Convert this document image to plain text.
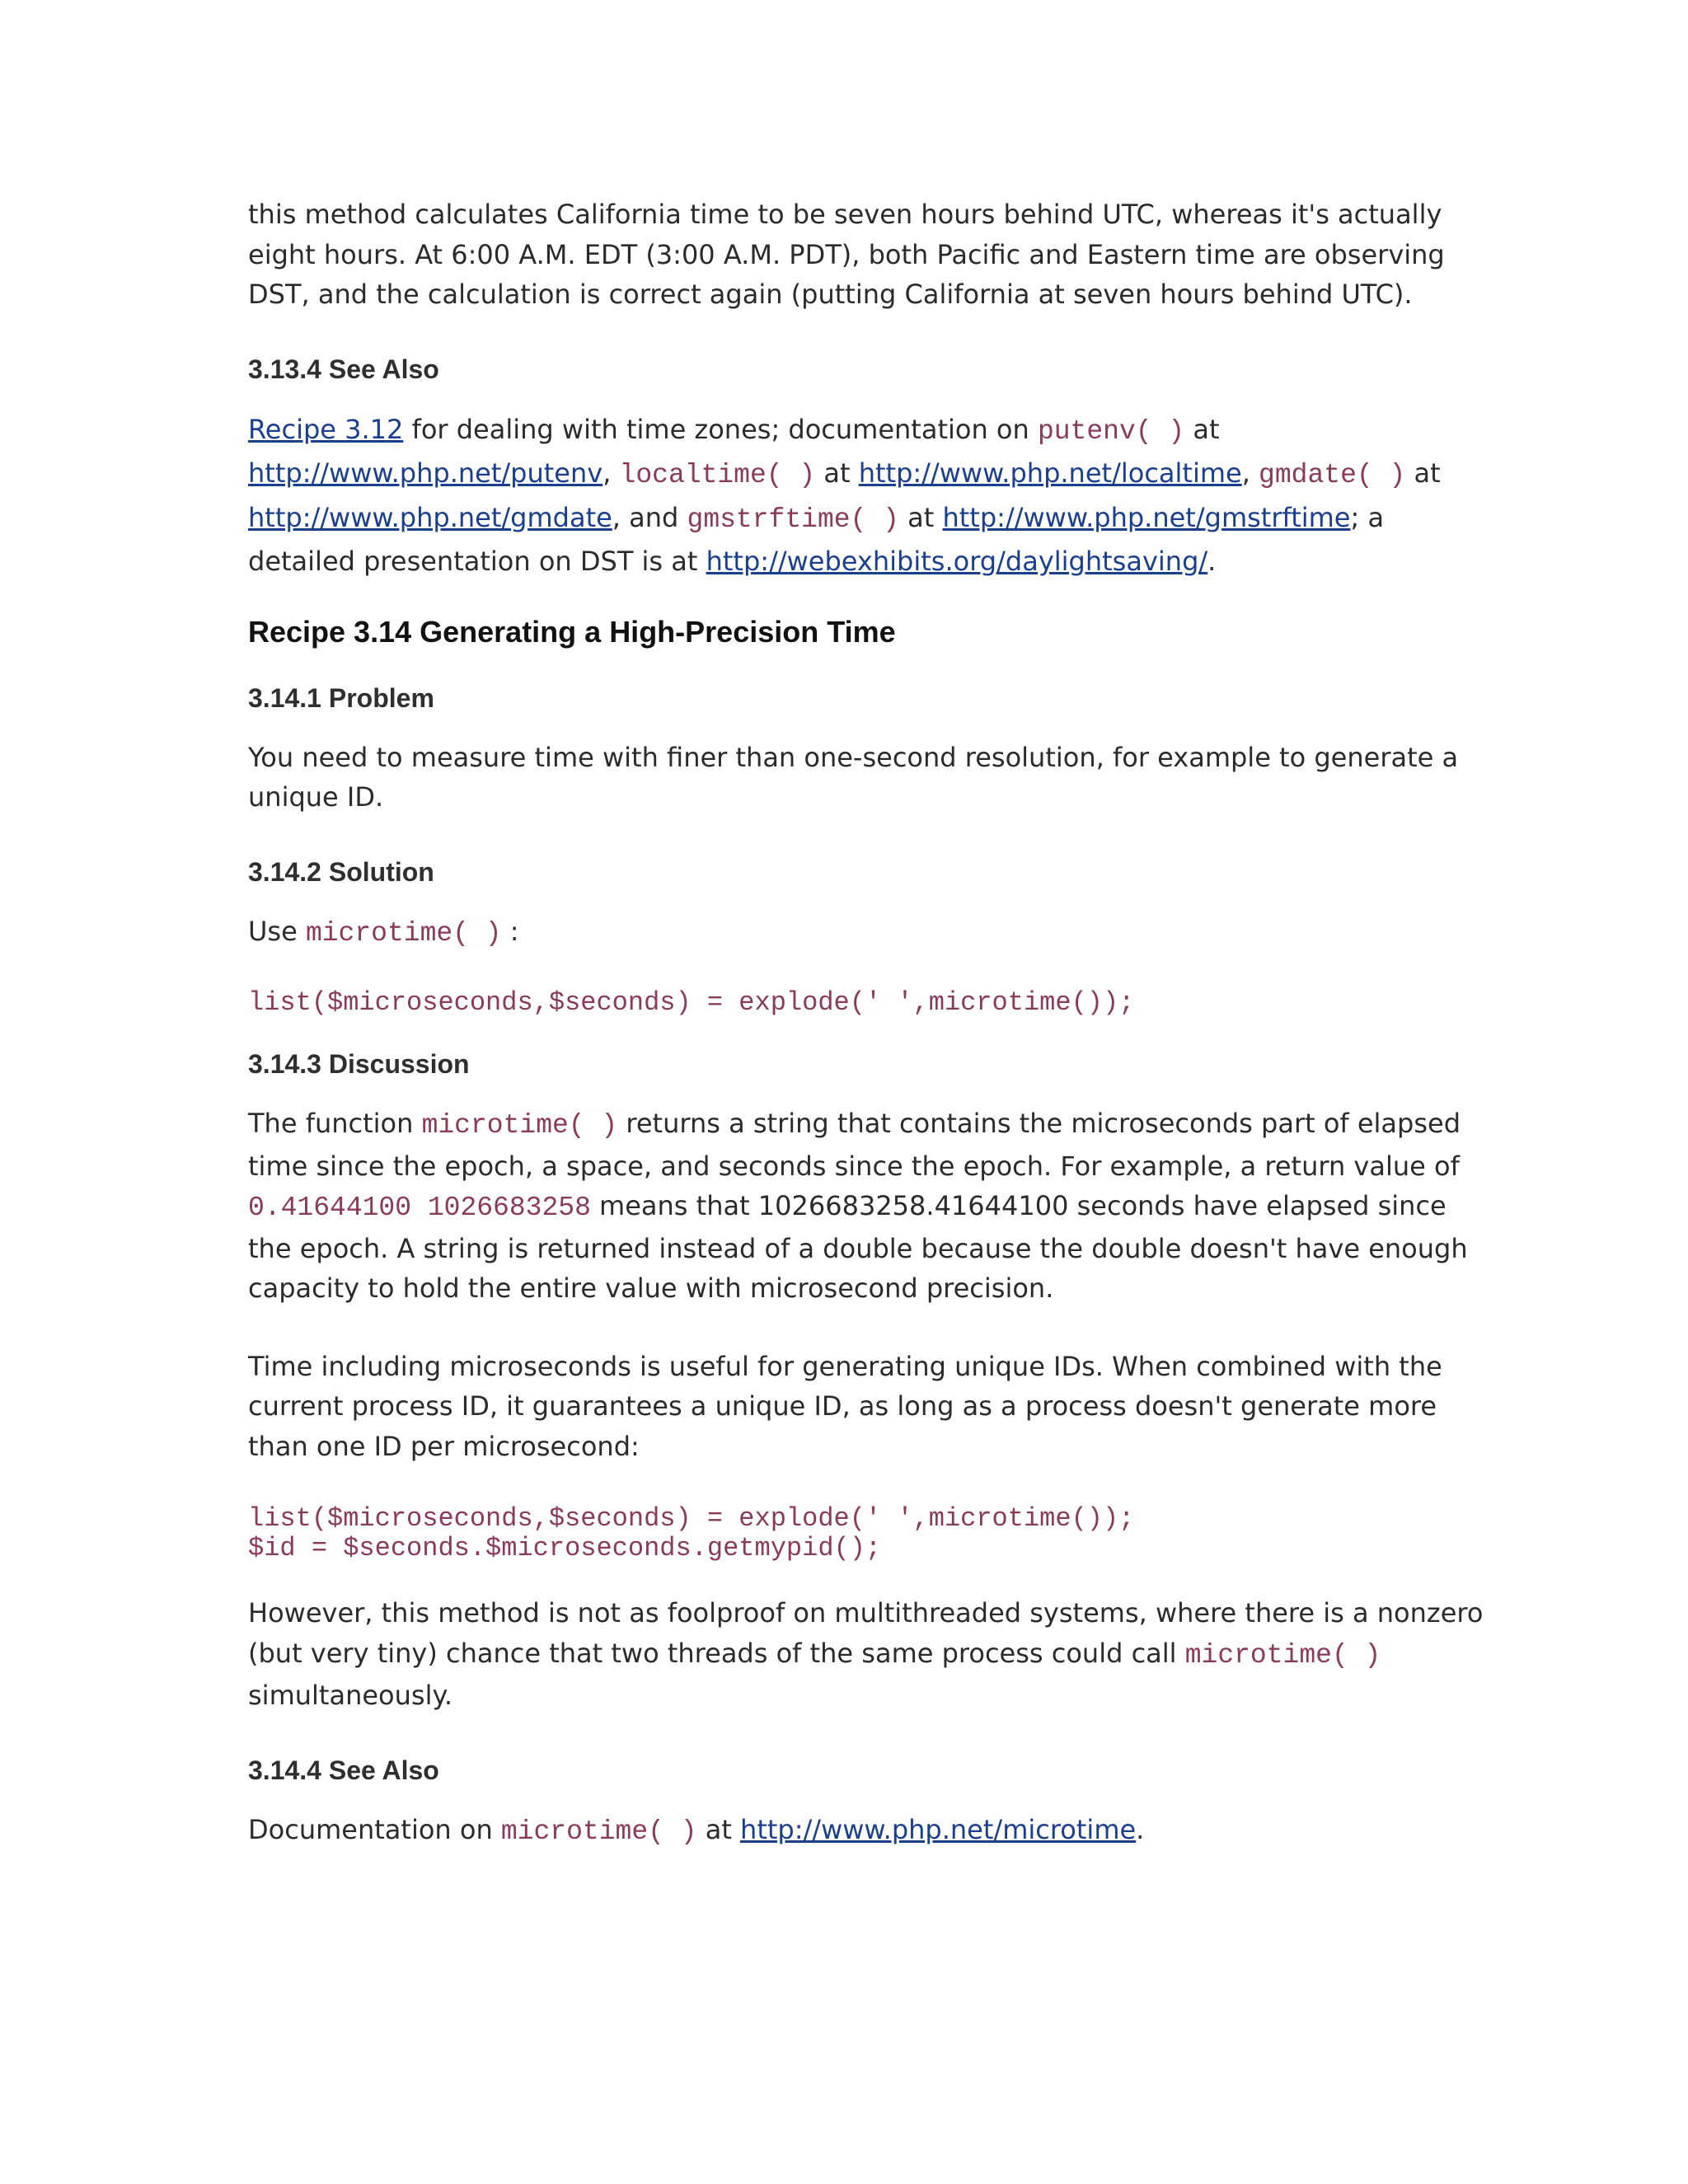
this method calculates California time to be seven hours behind UTC, whereas it's actually
eight hours. At 6:00 A.M. EDT (3:00 A.M. PDT), both Pacific and Eastern time are observing
DST, and the calculation is correct again (putting California at seven hours behind UTC).

3.13.4 See Also

Recipe 3.12 for dealing with time zones; documentation on putenv( ) at
http://www.php.net/putenv, localtime( ) at http://www.php.net/localtime, gmdate( ) at
http://www.php.net/gmdate, and gmstrftime( ) at http://www.php.net/gmstrftime; a
detailed presentation on DST is at http://webexhibits.org/daylightsaving/.

Recipe 3.14 Generating a High-Precision Time
3.14.1 Problem

You need to measure time with finer than one-second resolution, for example to generate a
unique ID.

3.14.2 Solution

Use microtime( ) :

list($microseconds,$seconds) = explode(' ',microtime());
3.14.3 Discussion

The function microtime( ) returns a string that contains the microseconds part of elapsed
time since the epoch, a space, and seconds since the epoch. For example, a return value of
0.41644100 1026683258 means that 1026683258.41644100 seconds have elapsed since
the epoch. A string is returned instead of a double because the double doesn't have enough
capacity to hold the entire value with microsecond precision.

Time including microseconds is useful for generating unique IDs. When combined with the
current process ID, it guarantees a unique ID, as long as a process doesn't generate more
than one ID per microsecond:

list($microseconds,$seconds) = explode(' ',microtime());
$id = $seconds.$microseconds.getmypid();

However, this method is not as foolproof on multithreaded systems, where there is a nonzero
(but very tiny) chance that two threads of the same process could call microtime( )
simultaneously.

3.14.4 See Also

Documentation on microtime( ) at http://www.php.net/microtime.
